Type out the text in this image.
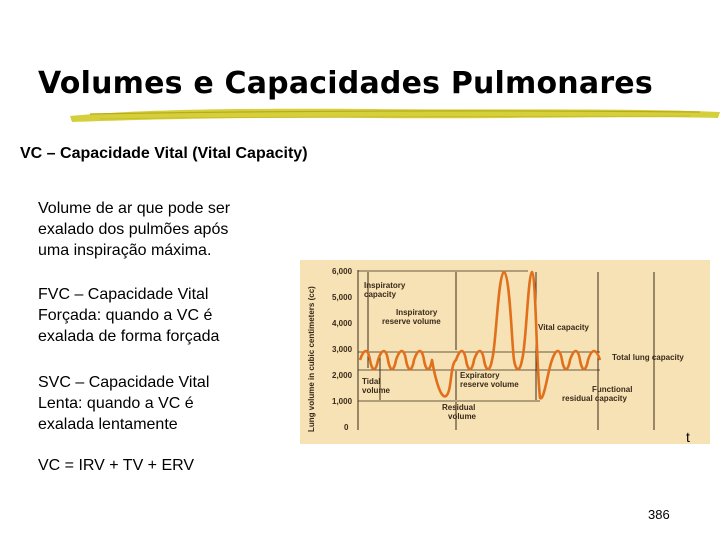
Volumes e Capacidades Pulmonares
VC – Capacidade Vital (Vital Capacity)
Volume de ar que pode ser
exalado dos pulmões após
uma inspiração máxima.
FVC – Capacidade Vital
Forçada: quando a VC é
exalada de forma forçada
SVC – Capacidade Vital
Lenta: quando a VC é
exalada lentamente
VC = IRV + TV + ERV
Lung volume in cubic centimeters (cc)
6,000
5,000
4,000
3,000
2,000
1,000
0
Inspiratory capacity
Inspiratory reserve volume
Vital capacity
Total lung capacity
Tidal volume
Expiratory reserve volume
Functional residual capacity
Residual volume
t
386
